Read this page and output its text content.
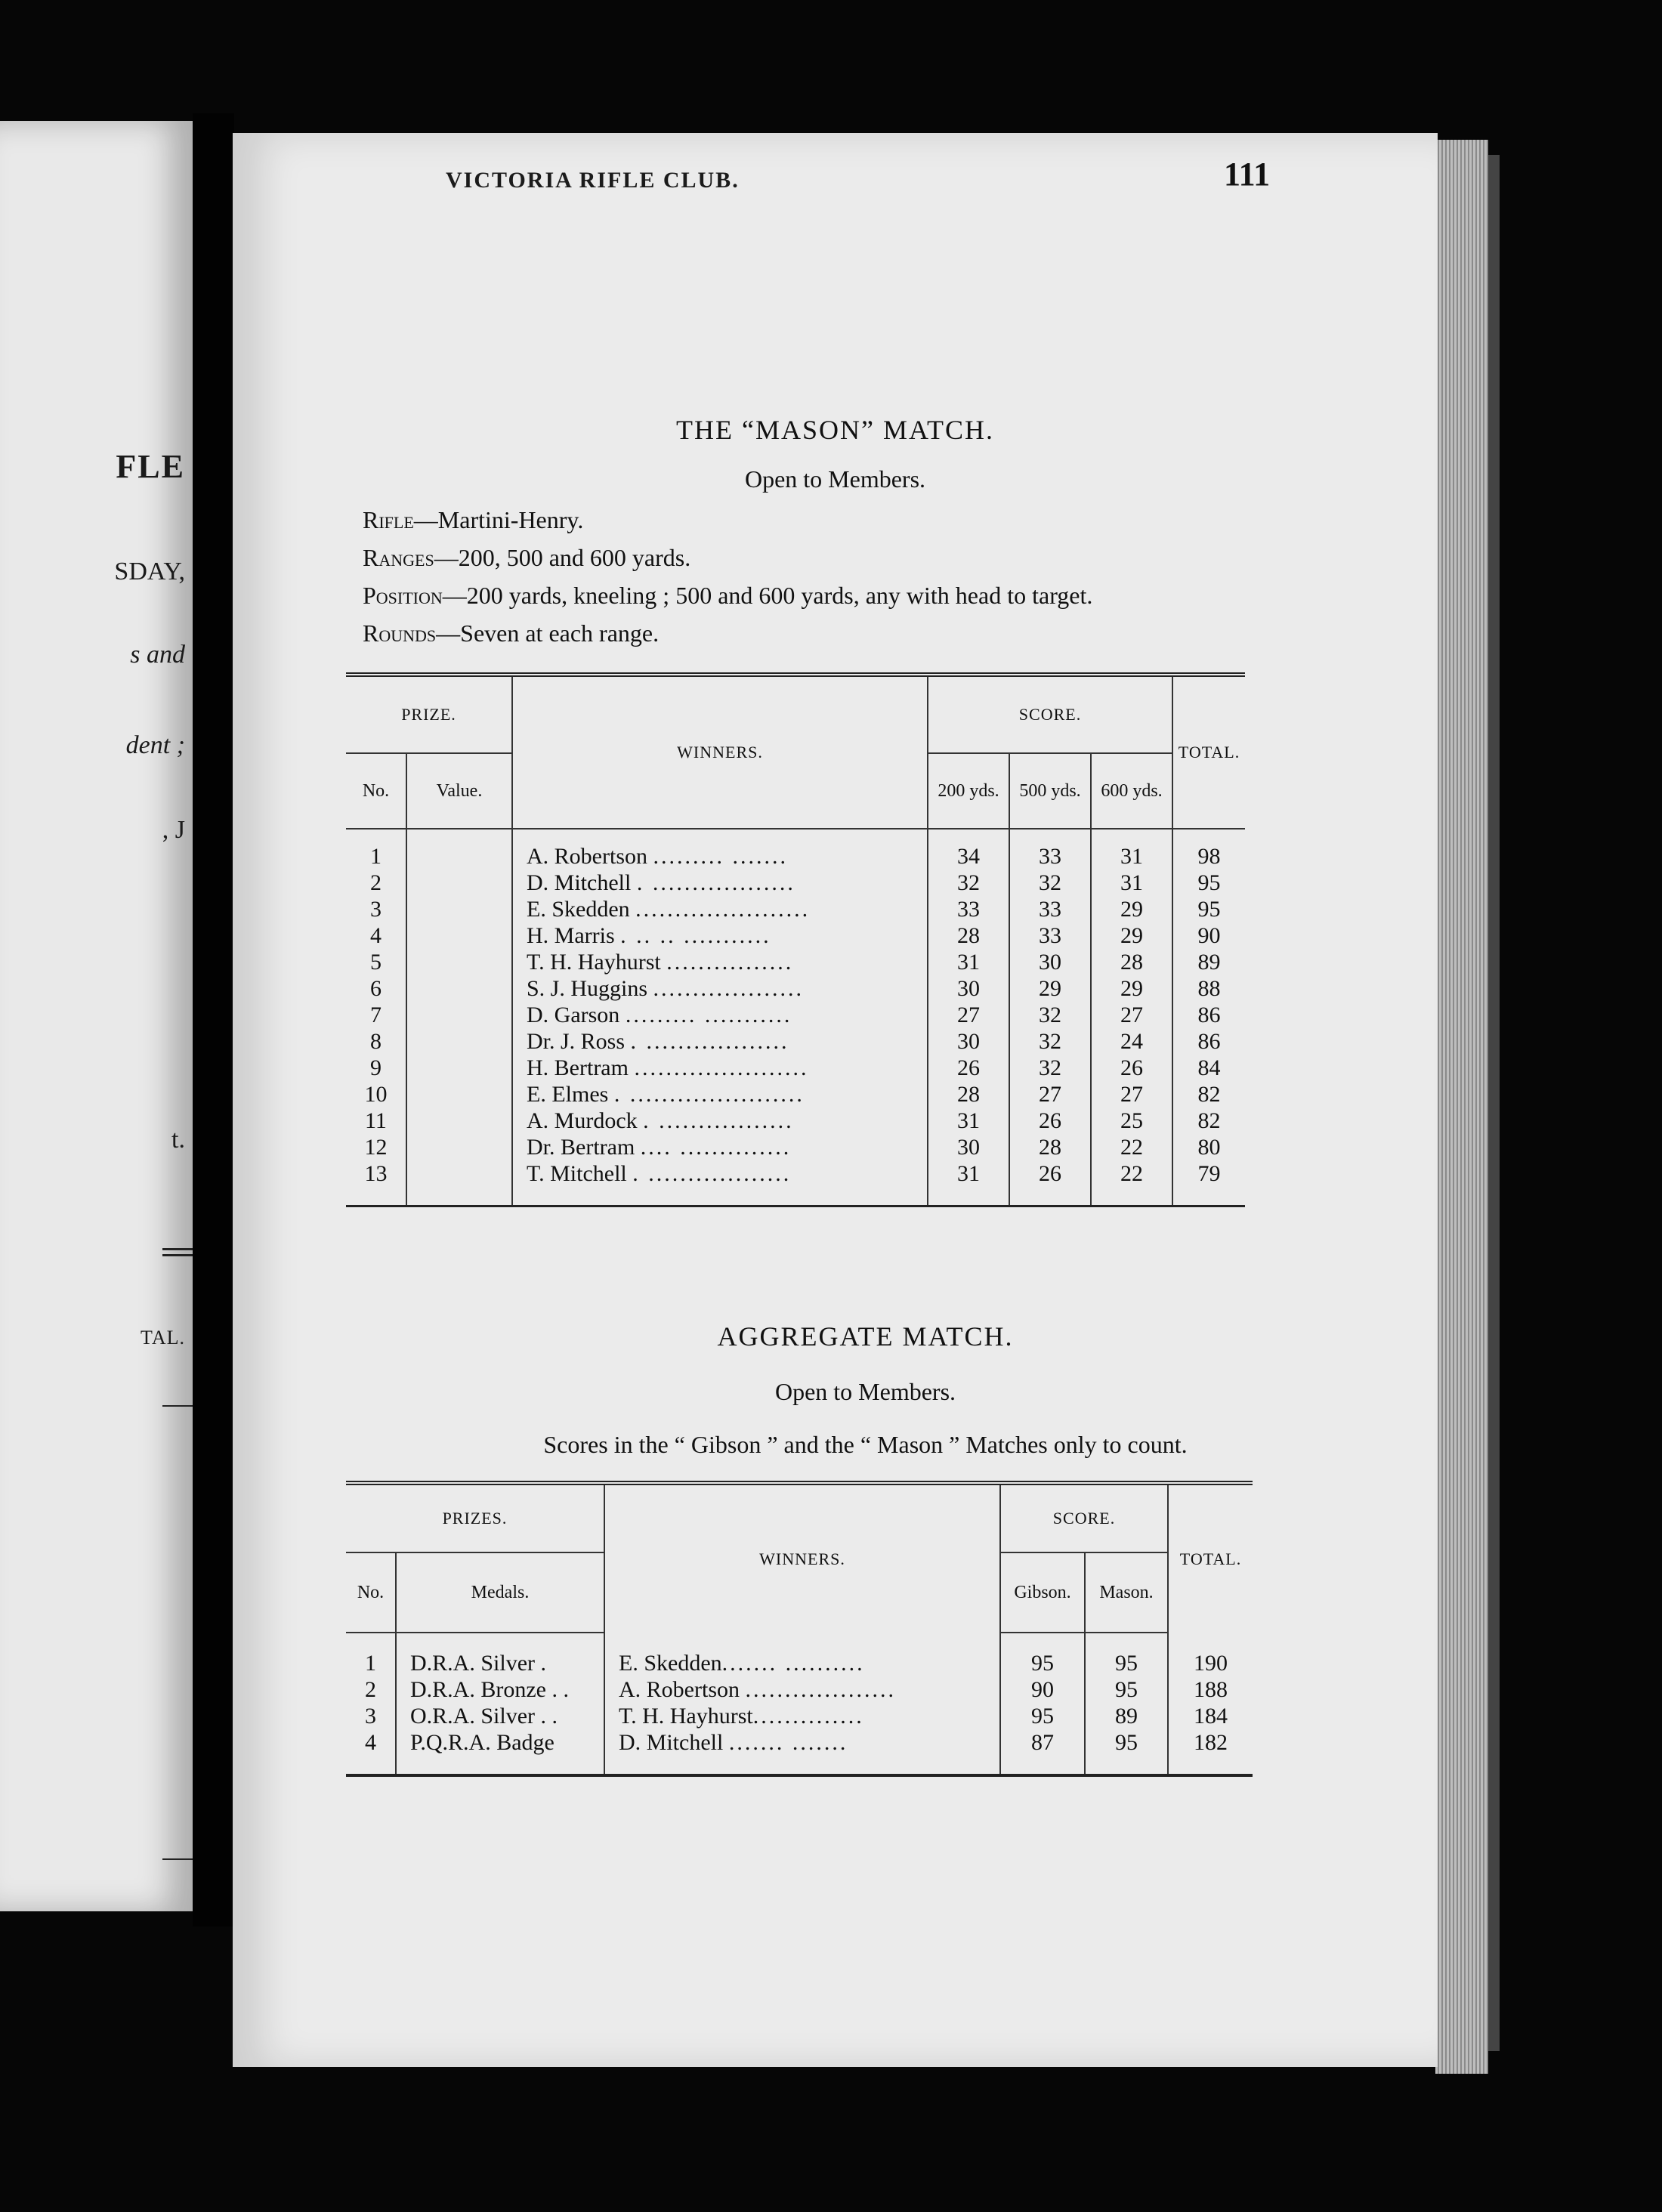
FLE
SDAY,
s and
dent ;
, J
t.
TAL.
VICTORIA RIFLE CLUB.
THE “MASON” MATCH.
Open to Members.
Rifle—Martini-Henry.
Ranges—200, 500 and 600 yards.
Position—200 yards, kneeling ; 500 and 600 yards, any with head to target.
Rounds—Seven at each range.
PRIZE.		WINNERS.	SCORE.			TOTAL.
No.	Value.		200 yds.	500 yds.	600 yds.	
1		A. Robertson ......... .......	34	33	31	98
2		D. Mitchell . ..................	32	32	31	95
3		E. Skedden ......................	33	33	29	95
4		H. Marris . .. .. ...........	28	33	29	90
5		T. H. Hayhurst ................	31	30	28	89
6		S. J. Huggins ...................	30	29	29	88
7		D. Garson ......... ...........	27	32	27	86
8		Dr. J. Ross . ..................	30	32	24	86
9		H. Bertram ......................	26	32	26	84
10		E. Elmes . ......................	28	27	27	82
11		A. Murdock . .................	31	26	25	82
12		Dr. Bertram .... ..............	30	28	22	80
13		T. Mitchell . ..................	31	26	22	79
AGGREGATE MATCH.
Open to Members.
Scores in the “ Gibson ” and the “ Mason ” Matches only to count.
PRIZES.		WINNERS.	SCORE.		TOTAL.
No.	Medals.		Gibson.	Mason.	
1	D.R.A. Silver .	E. Skedden....... ..........	95	95	190
2	D.R.A. Bronze . .	A. Robertson ...................	90	95	188
3	O.R.A. Silver . .	T. H. Hayhurst..............	95	89	184
4	P.Q.R.A. Badge	D. Mitchell ....... .......	87	95	182
111
